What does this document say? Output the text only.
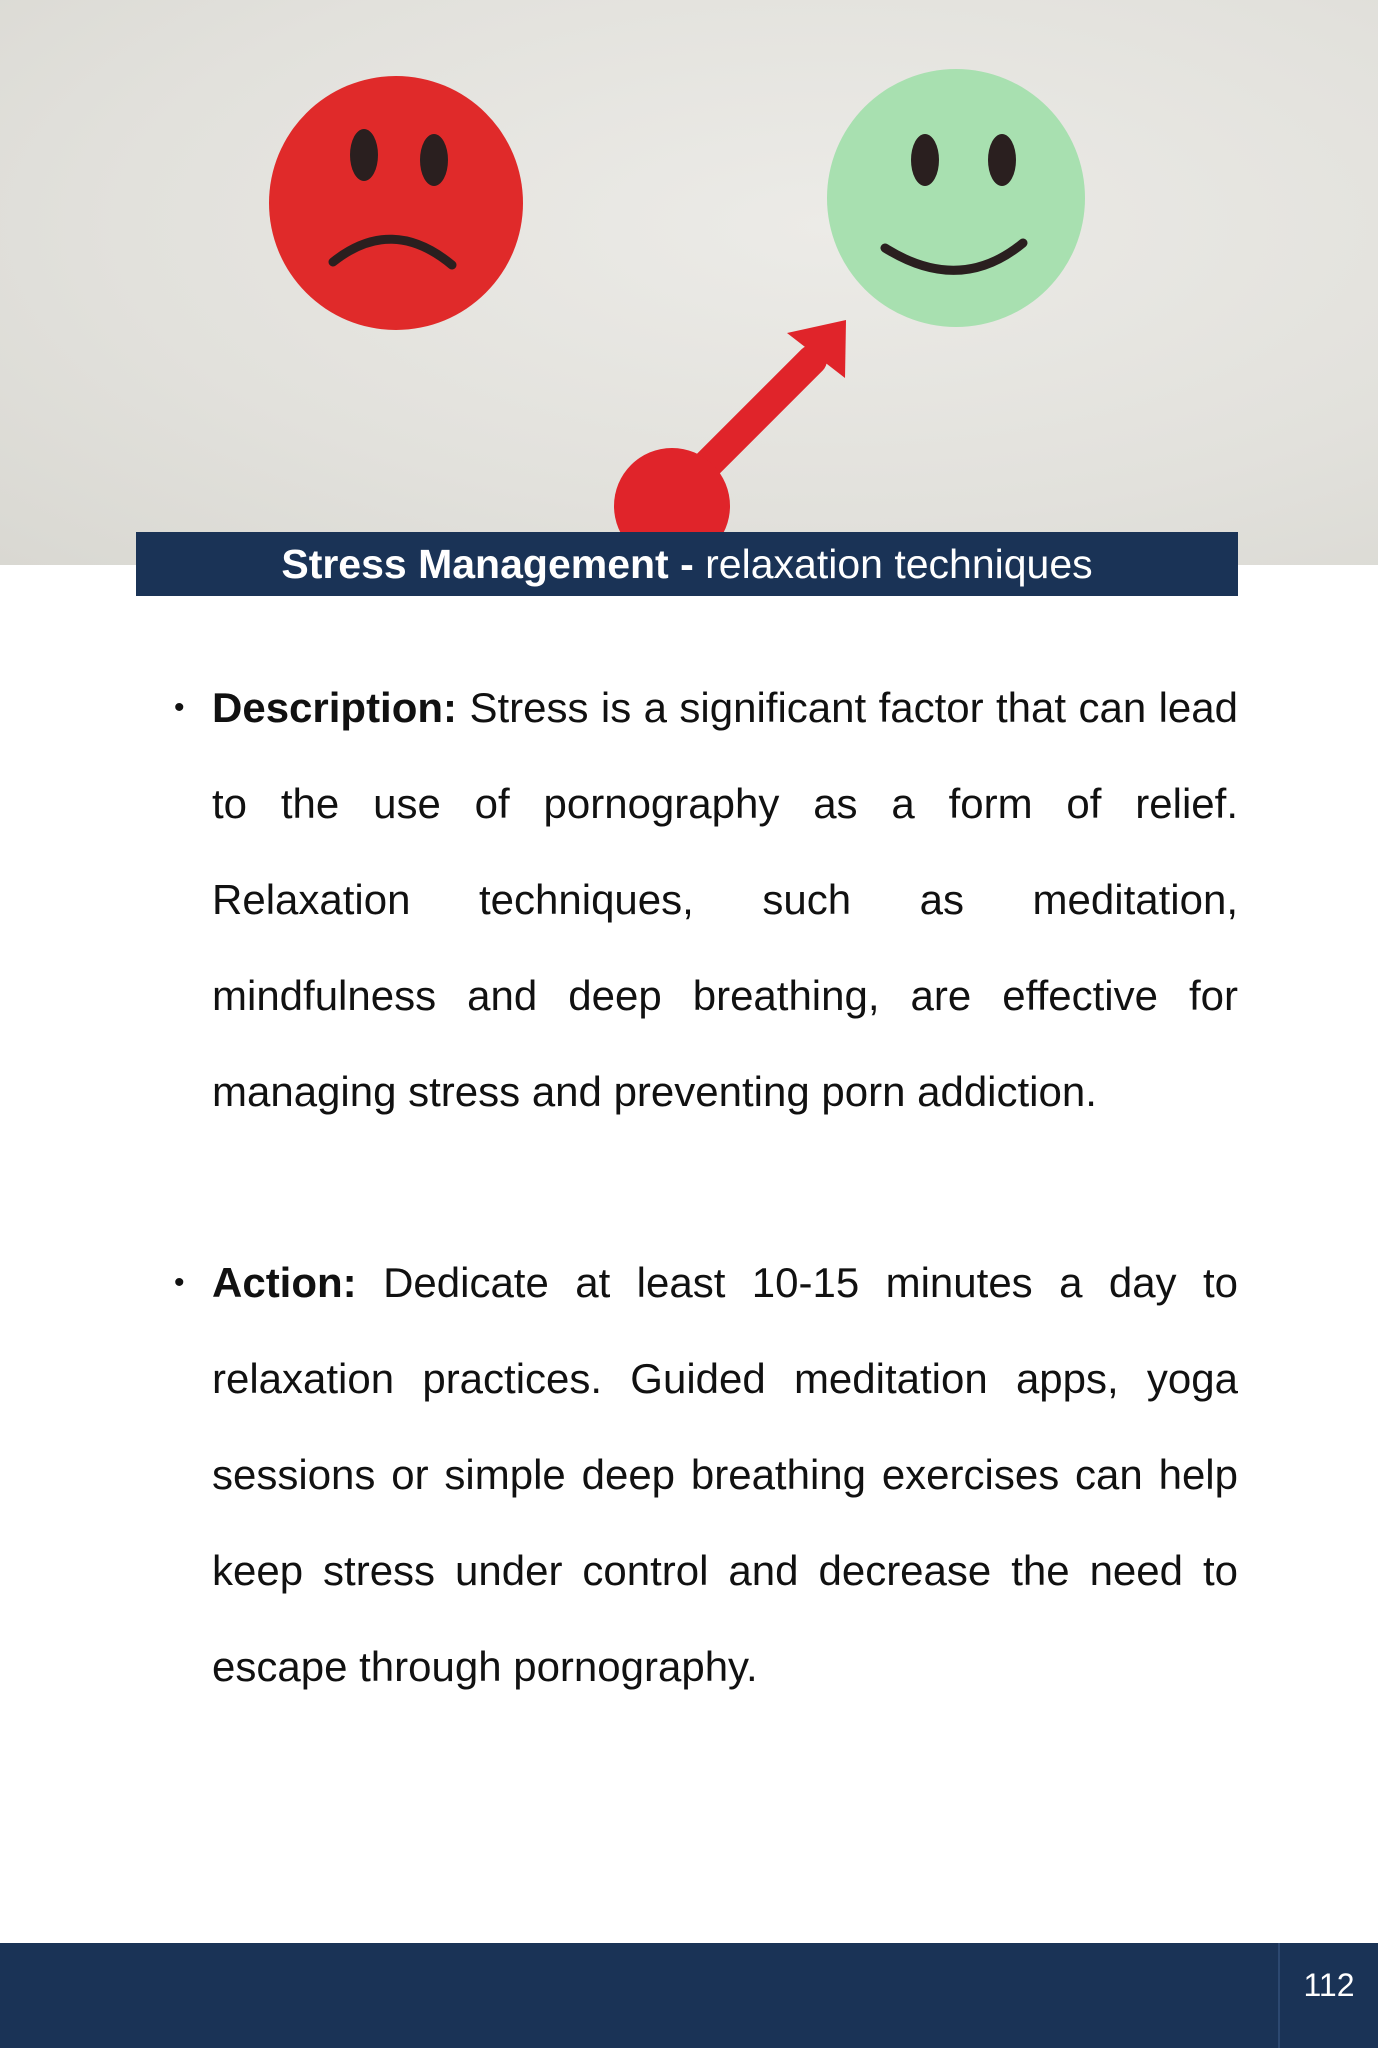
Stress Management -
relaxation techniques
• Description: Stress is a significant factor that can lead to the use of pornography as a form of relief. Relaxation techniques, such as meditation, mindfulness and deep breathing, are effective for managing stress and preventing porn addiction.
• Action: Dedicate at least 10-15 minutes a day to relaxation practices. Guided meditation apps, yoga sessions or simple deep breathing exercises can help keep stress under control and decrease the need to escape through pornography.
112
